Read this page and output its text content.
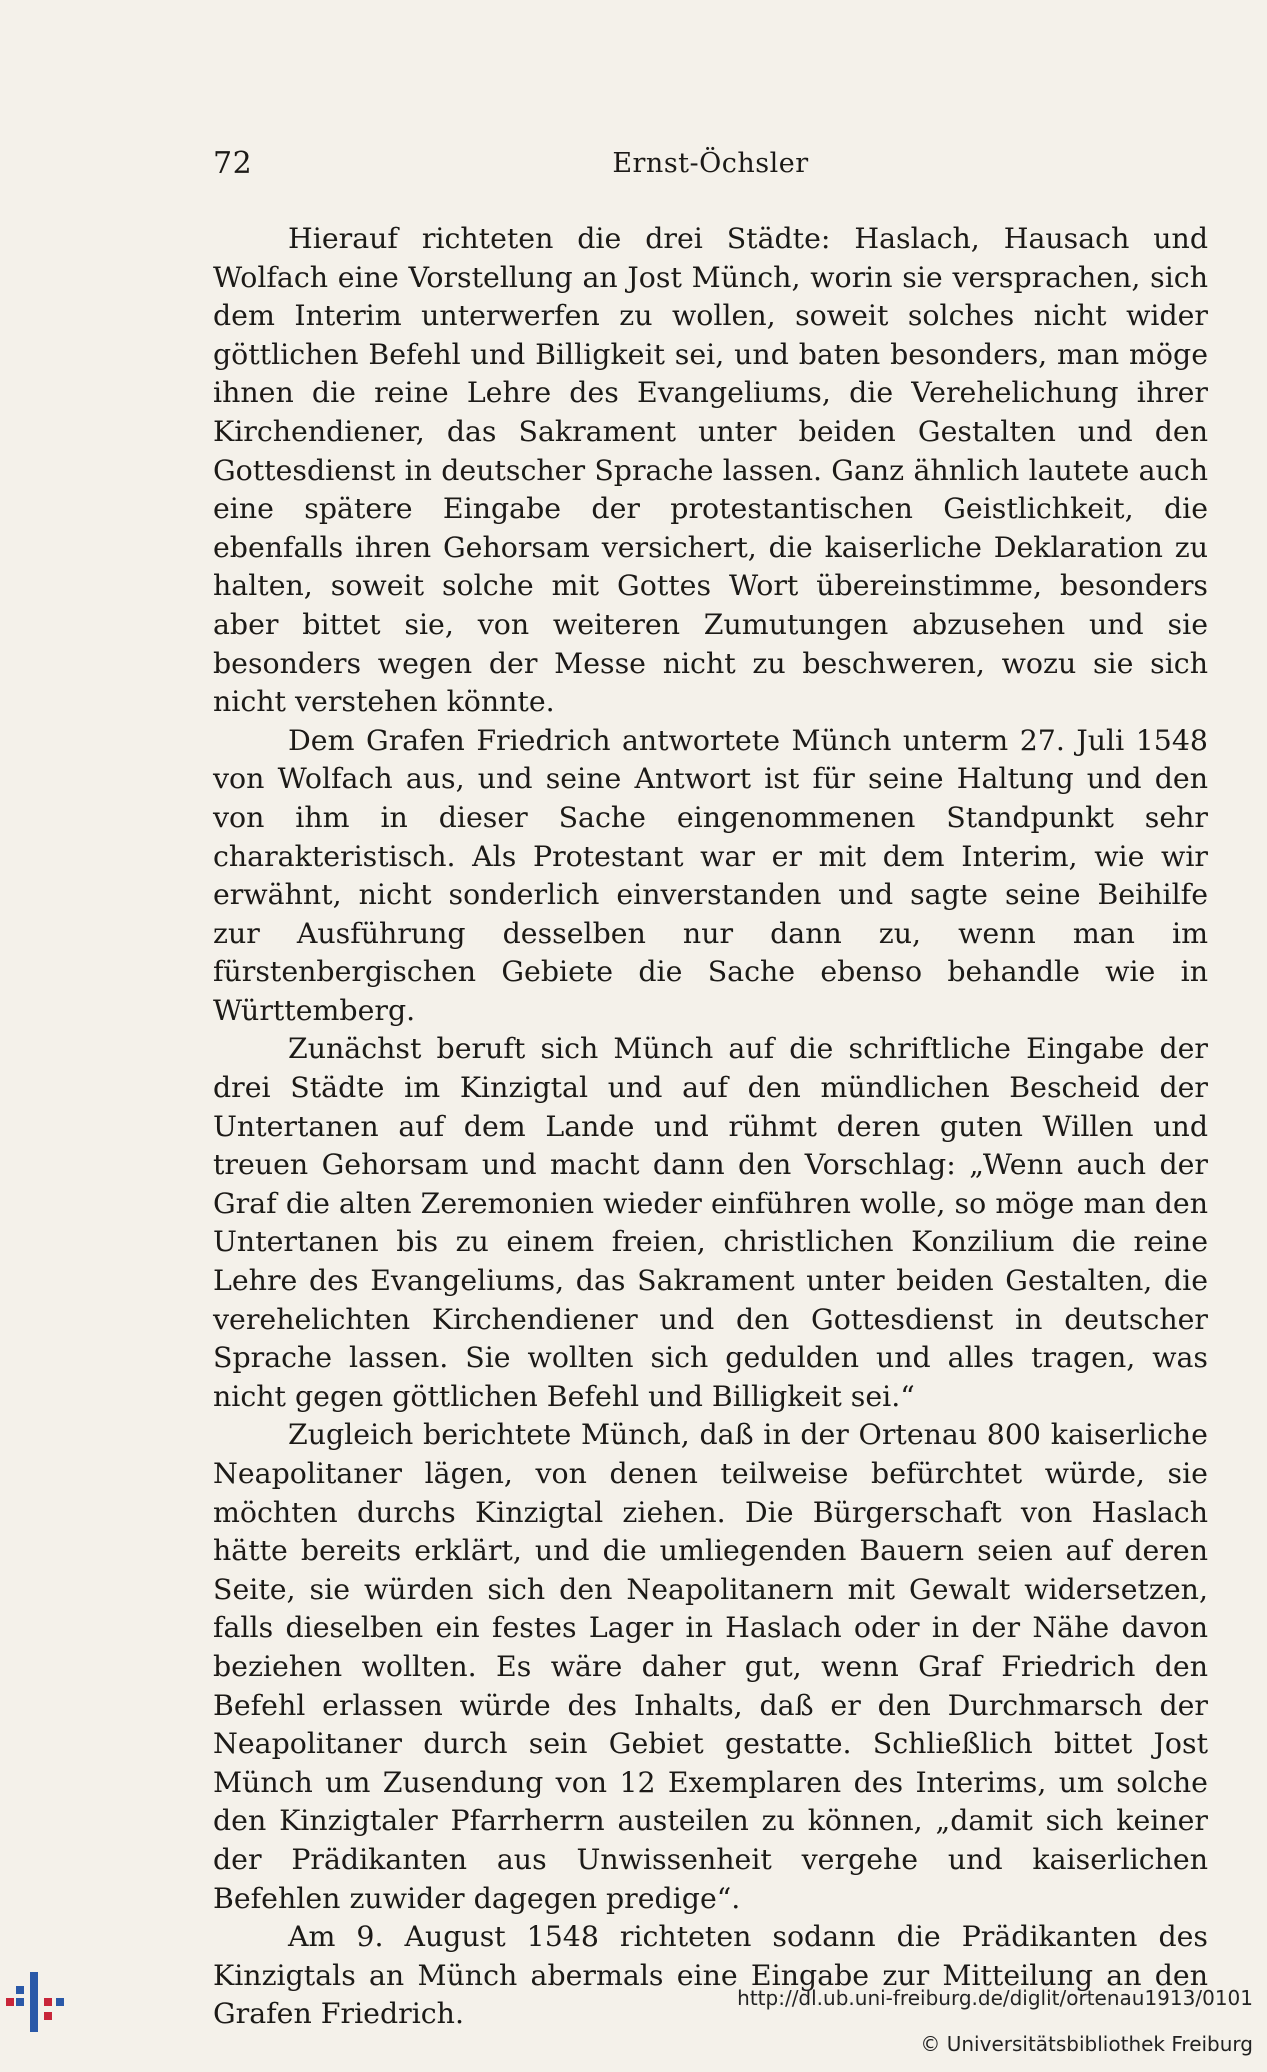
72	Ernst-Öchsler

Hierauf richteten die drei Städte: Haslach, Hausach und Wolfach eine Vorstellung an Jost Münch, worin sie versprachen, sich dem Interim unterwerfen zu wollen, soweit solches nicht wider göttlichen Befehl und Billigkeit sei, und baten besonders, man möge ihnen die reine Lehre des Evangeliums, die Verehelichung ihrer Kirchendiener, das Sakrament unter beiden Gestalten und den Gottesdienst in deutscher Sprache lassen. Ganz ähnlich lautete auch eine spätere Eingabe der protestantischen Geistlichkeit, die ebenfalls ihren Gehorsam versichert, die kaiserliche Deklaration zu halten, soweit solche mit Gottes Wort übereinstimme, besonders aber bittet sie, von weiteren Zumutungen abzusehen und sie besonders wegen der Messe nicht zu beschweren, wozu sie sich nicht verstehen könnte.

Dem Grafen Friedrich antwortete Münch unterm 27. Juli 1548 von Wolfach aus, und seine Antwort ist für seine Haltung und den von ihm in dieser Sache eingenommenen Standpunkt sehr charakteristisch. Als Protestant war er mit dem Interim, wie wir erwähnt, nicht sonderlich einverstanden und sagte seine Beihilfe zur Ausführung desselben nur dann zu, wenn man im fürstenbergischen Gebiete die Sache ebenso behandle wie in Württemberg.

Zunächst beruft sich Münch auf die schriftliche Eingabe der drei Städte im Kinzigtal und auf den mündlichen Bescheid der Untertanen auf dem Lande und rühmt deren guten Willen und treuen Gehorsam und macht dann den Vorschlag: „Wenn auch der Graf die alten Zeremonien wieder einführen wolle, so möge man den Untertanen bis zu einem freien, christlichen Konzilium die reine Lehre des Evangeliums, das Sakrament unter beiden Gestalten, die verehelichten Kirchendiener und den Gottesdienst in deutscher Sprache lassen. Sie wollten sich gedulden und alles tragen, was nicht gegen göttlichen Befehl und Billigkeit sei.“

Zugleich berichtete Münch, daß in der Ortenau 800 kaiserliche Neapolitaner lägen, von denen teilweise befürchtet würde, sie möchten durchs Kinzigtal ziehen. Die Bürgerschaft von Haslach hätte bereits erklärt, und die umliegenden Bauern seien auf deren Seite, sie würden sich den Neapolitanern mit Gewalt widersetzen, falls dieselben ein festes Lager in Haslach oder in der Nähe davon beziehen wollten. Es wäre daher gut, wenn Graf Friedrich den Befehl erlassen würde des Inhalts, daß er den Durchmarsch der Neapolitaner durch sein Gebiet gestatte. Schließlich bittet Jost Münch um Zusendung von 12 Exemplaren des Interims, um solche den Kinzigtaler Pfarrherrn austeilen zu können, „damit sich keiner der Prädikanten aus Unwissenheit vergehe und kaiserlichen Befehlen zuwider dagegen predige“.

Am 9. August 1548 richteten sodann die Prädikanten des Kinzigtals an Münch abermals eine Eingabe zur Mitteilung an den Grafen Friedrich.	http://dl.ub.uni-freiburg.de/diglit/ortenau1913/0101
© Universitätsbibliothek Freiburg
